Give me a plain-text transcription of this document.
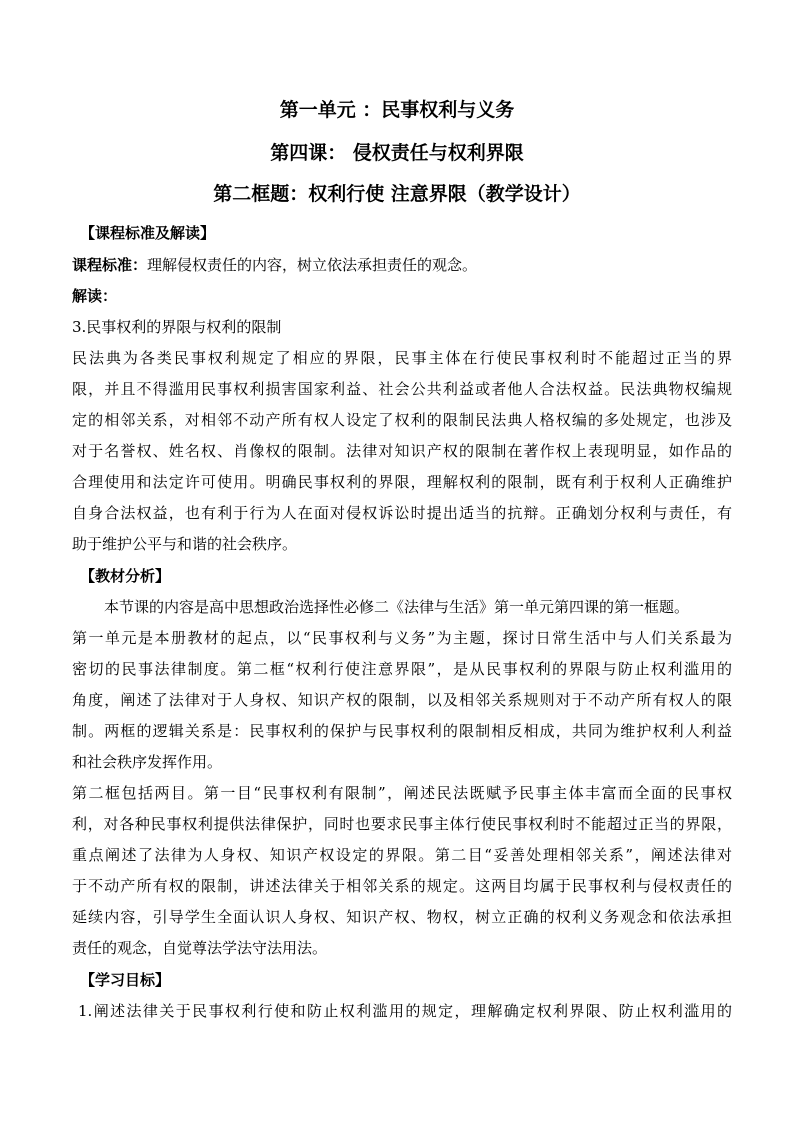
第一单元 ：民事权利与义务
第四课： 侵权责任与权利界限
第二框题：权利行使 注意界限（教学设计）
【课程标准及解读】
课程标准：理解侵权责任的内容，树立依法承担责任的观念。
解读：
3.民事权利的界限与权利的限制
民法典为各类民事权利规定了相应的界限，民事主体在行使民事权利时不能超过正当的界
限，并且不得滥用民事权利损害国家利益、社会公共利益或者他人合法权益。民法典物权编规
定的相邻关系，对相邻不动产所有权人设定了权利的限制民法典人格权编的多处规定，也涉及
对于名誉权、姓名权、肖像权的限制。法律对知识产权的限制在著作权上表现明显，如作品的
合理使用和法定许可使用。明确民事权利的界限，理解权利的限制，既有利于权利人正确维护
自身合法权益，也有利于行为人在面对侵权诉讼时提出适当的抗辩。正确划分权利与责任，有
助于维护公平与和谐的社会秩序。
【教材分析】
本节课的内容是高中思想政治选择性必修二《法律与生活》第一单元第四课的第一框题。
第一单元是本册教材的起点，以“民事权利与义务”为主题，探讨日常生活中与人们关系最为
密切的民事法律制度。第二框“权利行使注意界限”，是从民事权利的界限与防止权利滥用的
角度，阐述了法律对于人身权、知识产权的限制，以及相邻关系规则对于不动产所有权人的限
制。两框的逻辑关系是：民事权利的保护与民事权利的限制相反相成，共同为维护权利人利益
和社会秩序发挥作用。
第二框包括两目。第一目“民事权利有限制”，阐述民法既赋予民事主体丰富而全面的民事权
利，对各种民事权利提供法律保护，同时也要求民事主体行使民事权利时不能超过正当的界限，
重点阐述了法律为人身权、知识产权设定的界限。第二目“妥善处理相邻关系”，阐述法律对
于不动产所有权的限制，讲述法律关于相邻关系的规定。这两目均属于民事权利与侵权责任的
延续内容，引导学生全面认识人身权、知识产权、物权，树立正确的权利义务观念和依法承担
责任的观念，自觉尊法学法守法用法。
【学习目标】
1.阐述法律关于民事权利行使和防止权利滥用的规定，理解确定权利界限、防止权利滥用的
